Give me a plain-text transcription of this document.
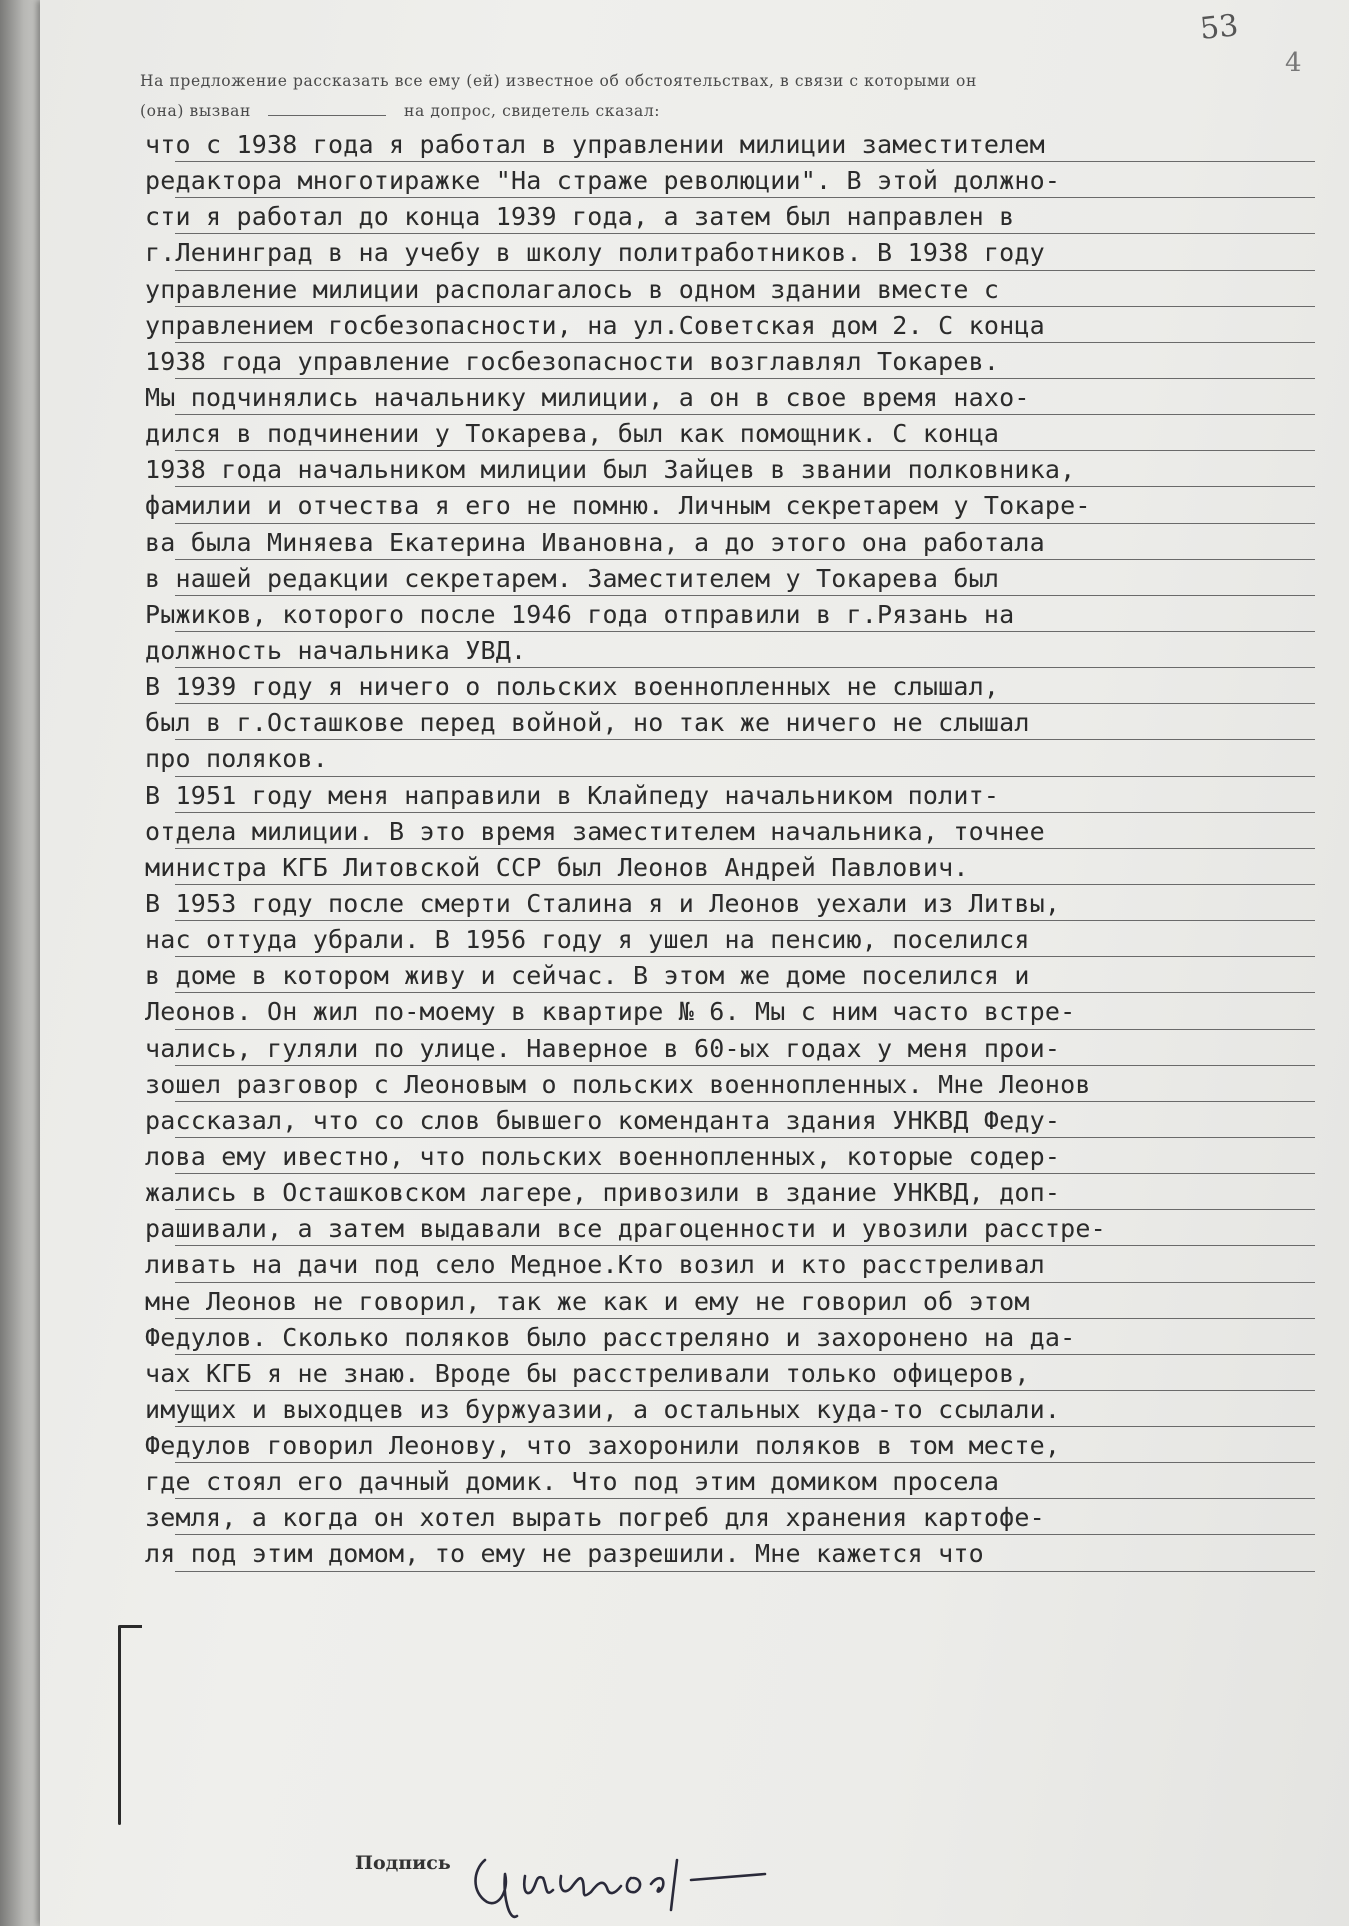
53
4
На предложение рассказать все ему (ей) известное об обстоятельствах, в связи с которыми он
(она) вызван	на допрос, свидетель сказал:
что с 1938 года я работал в управлении милиции заместителем
редактора многотиражке "На страже революции". В этой должно-
сти я работал до конца 1939 года, а затем был направлен в
г.Ленинград в на учебу в школу политработников. В 1938 году
управление милиции располагалось в одном здании вместе с
управлением госбезопасности, на ул.Советская дом 2. С конца
1938 года управление госбезопасности возглавлял Токарев.
Мы подчинялись начальнику милиции, а он в свое время нахо-
дился в подчинении у Токарева, был как помощник. С конца
1938 года начальником милиции был Зайцев в звании полковника,
фамилии и отчества я его не помню. Личным секретарем у Токаре-
ва была Миняева Екатерина Ивановна, а до этого она работала
в нашей редакции секретарем. Заместителем у Токарева был
Рыжиков, которого после 1946 года отправили в г.Рязань на
должность начальника УВД.
В 1939 году я ничего о польских военнопленных не слышал,
был в г.Осташкове перед войной, но так же ничего не слышал
про поляков.
В 1951 году меня направили в Клайпеду начальником полит-
отдела милиции. В это время заместителем начальника, точнее
министра КГБ Литовской ССР был Леонов Андрей Павлович.
В 1953 году после смерти Сталина я и Леонов уехали из Литвы,
нас оттуда убрали. В 1956 году я ушел на пенсию, поселился
в доме в котором живу и сейчас. В этом же доме поселился и
Леонов. Он жил по-моему в квартире № 6. Мы с ним часто встре-
чались, гуляли по улице. Наверное в 60-ых годах у меня прои-
зошел разговор с Леоновым о польских военнопленных. Мне Леонов
рассказал, что со слов бывшего коменданта здания УНКВД Федy-
лова ему ивестно, что польских военнопленных, которые содер-
жались в Осташковском лагере, привозили в здание УНКВД, доп-
рашивали, а затем выдавали все драгоценности и увозили расстре-
ливать на дачи под село Медное.Кто возил и кто расстреливал
мне Леонов не говорил, так же как и ему не говорил об этом
Федулов. Сколько поляков было расстреляно и захоронено на да-
чах КГБ я не знаю. Вроде бы расстреливали только офицеров,
имущих и выходцев из буржуазии, а остальных куда-то ссылали.
Федулов говорил Леонову, что захоронили поляков в том месте,
где стоял его дачный домик. Что под этим домиком просела
земля, а когда он хотел вырать погреб для хранения картофе-
ля под этим домом, то ему не разрешили. Мне кажется что
Подпись
